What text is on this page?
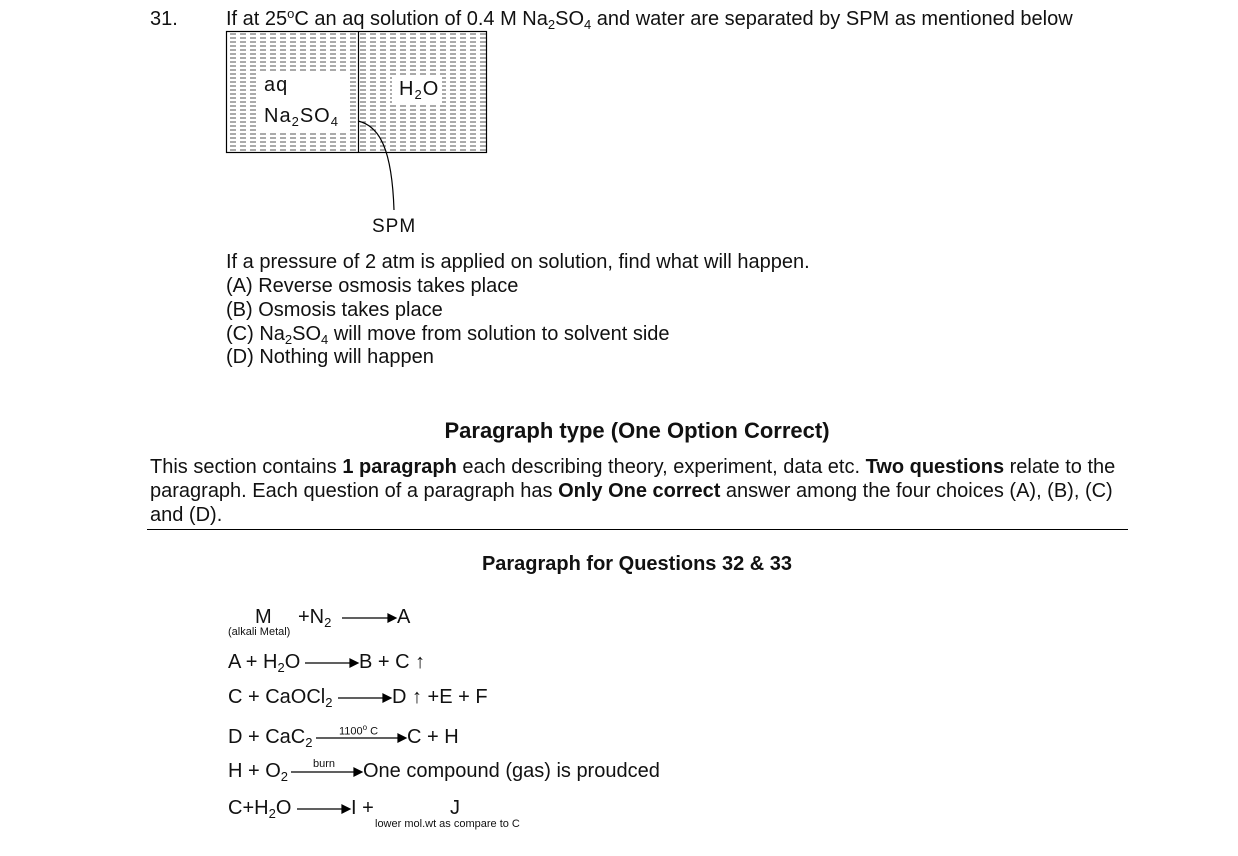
31. If at 25$^o$C an aq solution of 0.4 M $Na_2SO_4$ and water are separated by SPM as mentioned below
aq
$Na_2SO_4$
$H_2O$
SPM
If a pressure of 2 atm is applied on solution, find what will happen.
(A) Reverse osmosis takes place
(B) Osmosis takes place
(C) $Na_2SO_4$ will move from solution to solvent side
(D) Nothing will happen
Paragraph type (One Option Correct)
This section contains 1 paragraph each describing theory, experiment, data etc. Two questions relate to the paragraph. Each question of a paragraph has Only One correct answer among the four choices (A), (B), (C) and (D).
Paragraph for Questions 32 & 33
M
(alkali Metal)
$+N_2$	A
$A + H_2O$	B + C ↑
C + CaOCl$_2$	D ↑ +E + F
D + CaC$_2$
1100$^o$ C C + H
$H + O_2$
burn One compound (gas) is proudced
$C+H_2O$	I +	J
lower mol.wt as compare to C
